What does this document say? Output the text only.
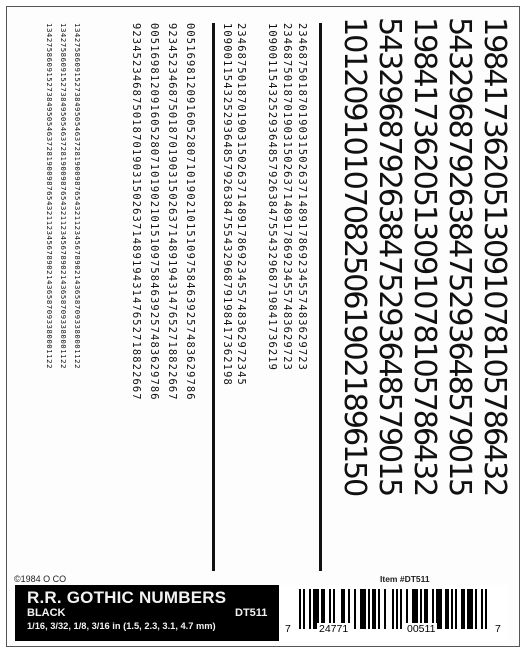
1342758609152738495054637281900987654321123456789021436587093380001122
1342758609152738495054637281900987654321123456789021436587093380001122
1342758609152738495054637281900987654321123456789021436587093380001122	005169812091605280710190210151097584639257483629786
923452346875018701903150263714891943147652718822667
005169812091605280710190210151097584639257483629786
923452346875018701903150263714891943147652718822667	2346875018701903150263714891786923455748362972345
1090011543252936485792638475543296879198417362198	23468750187019031502637148917869234557483629723
23468750187019031502637148917869234557483629723
10900115432529364857926384755432968719841736219	1984173620513091078105786432
5432968792638475293648579015
1984173620513091078105786432
5432968792638475293648579015
1012091010708250619021896150
©1984 O CO	Item #DT511
R.R. GOTHIC NUMBERS
BLACK	DT511
1/16, 3/32, 1/8, 3/16 in (1.5, 2.3, 3.1, 4.7 mm)	7	24771	00511	7
